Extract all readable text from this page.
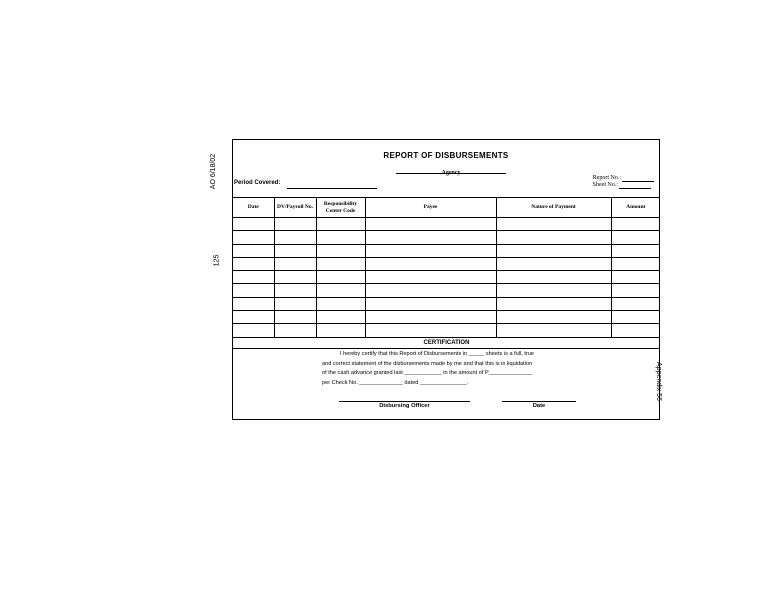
AO 6/18/02
125
Appendix 56
REPORT OF DISBURSEMENTS
Agency
Period Covered:
Report No.:
Sheet No.:
Date	DV/Payroll No.	Responsibility Center Code	Payee	Nature of Payment	Amount

CERTIFICATION
I hereby certify that this Report of Disbursements in _____ sheets is a full, true
and correct statement of the disbursements made by me and that this is in liquidation
of the cash advance granted last ____________ in the amount of P______________
per Check No. ______________ dated _______________.
Disbursing Officer	Date
